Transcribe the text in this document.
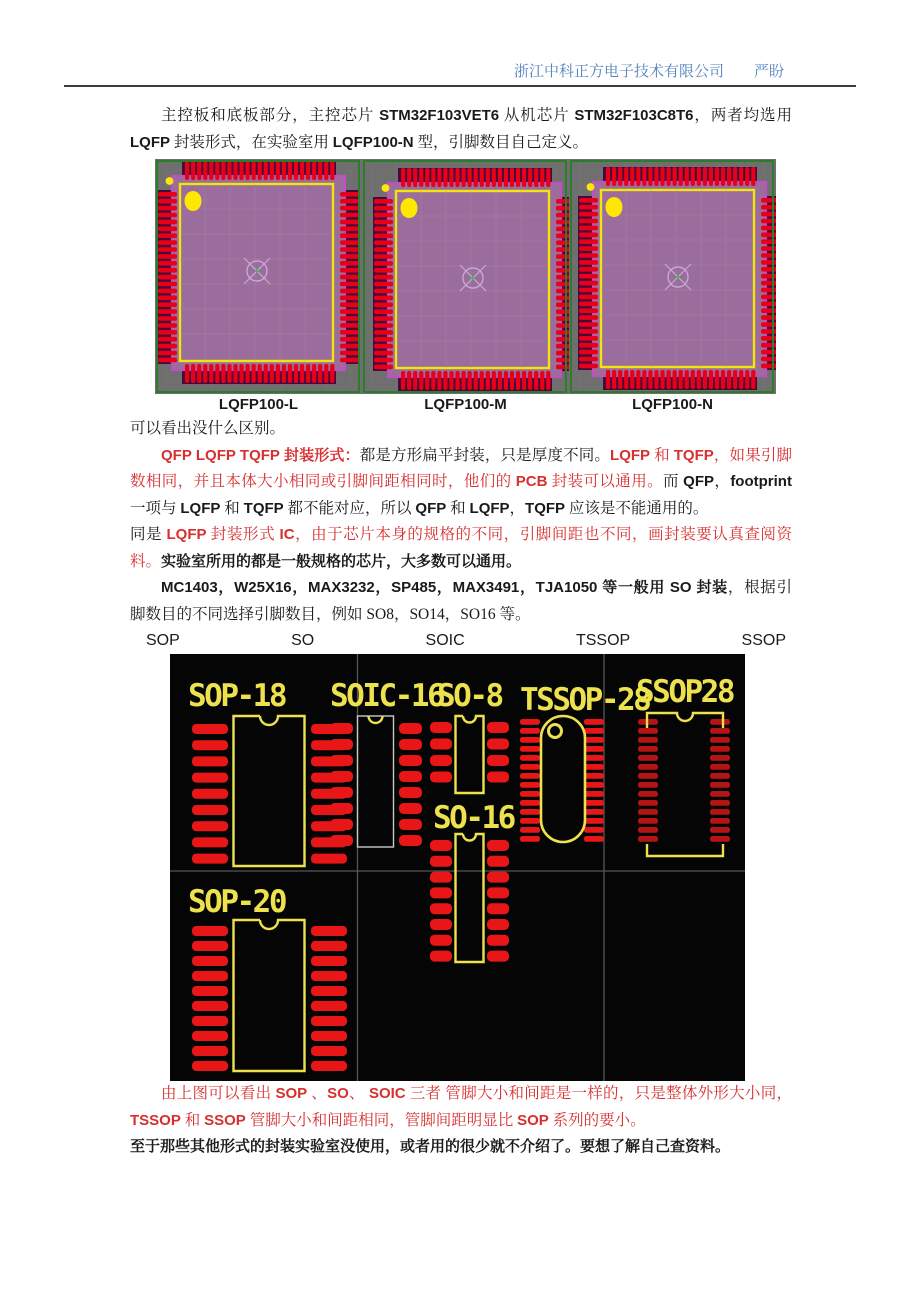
浙江中科正方电子技术有限公司 严盼

主控板和底板部分，主控芯片 STM32F103VET6 从机芯片 STM32F103C8T6，两者均选用 LQFP 封装形式，在实验室用 LQFP100-N 型，引脚数目自己定义。

LQFP100-L	LQFP100-M	LQFP100-N

可以看出没什么区别。

QFP LQFP TQFP 封装形式：都是方形扁平封装，只是厚度不同。LQFP 和 TQFP，如果引脚数相同，并且本体大小相同或引脚间距相同时，他们的 PCB 封装可以通用。而 QFP，footprint 一项与 LQFP 和 TQFP 都不能对应，所以 QFP 和 LQFP，TQFP 应该是不能通用的。

同是 LQFP 封装形式 IC，由于芯片本身的规格的不同，引脚间距也不同，画封装要认真查阅资料。实验室所用的都是一般规格的芯片，大多数可以通用。

MC1403，W25X16，MAX3232，SP485，MAX3491，TJA1050 等一般用 SO 封装，根据引脚数目的不同选择引脚数目，例如 SO8，SO14，SO16 等。

SOP	SO	SOIC	TSSOP	SSOP
SOP-18
SOP-20
SOIC-16
SO-8
SO-16
TSSOP-28
SSOP28

由上图可以看出 SOP 、SO、 SOIC 三者 管脚大小和间距是一样的，只是整体外形大小同，TSSOP 和 SSOP 管脚大小和间距相同，管脚间距明显比 SOP 系列的要小。

至于那些其他形式的封装实验室没使用，或者用的很少就不介绍了。要想了解自己查资料。
